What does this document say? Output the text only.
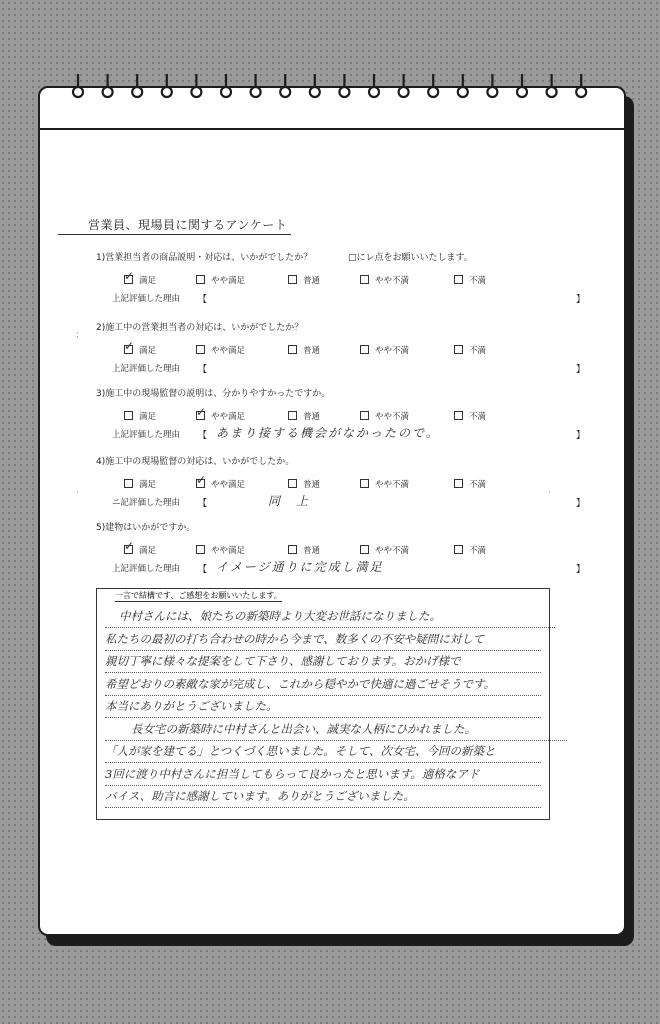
営業員、現場員に関するアンケート
□にレ点をお願いいたします。
1)営業担当者の商品説明・対応は、いかがでしたか？
✓ 満足	やや満足	普通	やや不満	不満
上記評価した理由 【	】
2)施工中の営業担当者の対応は、いかがでしたか？
✓ 満足	やや満足	普通	やや不満	不満
上記評価した理由 【	】
3)施工中の現場監督の説明は、分かりやすかったですか。
満足	✓ やや満足	普通	やや不満	不満
上記評価した理由 【	】
あまり接する機会がなかったので。
4)施工中の現場監督の対応は、いかがでしたか。
満足	✓ やや満足	普通	やや不満	不満
ニ記評価した理由 【	】
同　上
5)建物はいかがですか。
✓ 満足	やや満足	普通	やや不満	不満
上記評価した理由 【	】
イメージ通りに完成し満足
:
·	·
一言で結構です、ご感想をお願いいたします。
中村さんには、娘たちの新築時より大変お世話になりました。
私たちの最初の打ち合わせの時から今まで、数多くの不安や疑問に対して
親切丁寧に様々な提案をして下さり、感謝しております。おかげ様で
希望どおりの素敵な家が完成し、これから穏やかで快適に過ごせそうです。
本当にありがとうございました。
長女宅の新築時に中村さんと出会い、誠実な人柄にひかれました。
「人が家を建てる」とつくづく思いました。そして、次女宅、今回の新築と
3回に渡り中村さんに担当してもらって良かったと思います。適格なアド
バイス、助言に感謝しています。ありがとうございました。
